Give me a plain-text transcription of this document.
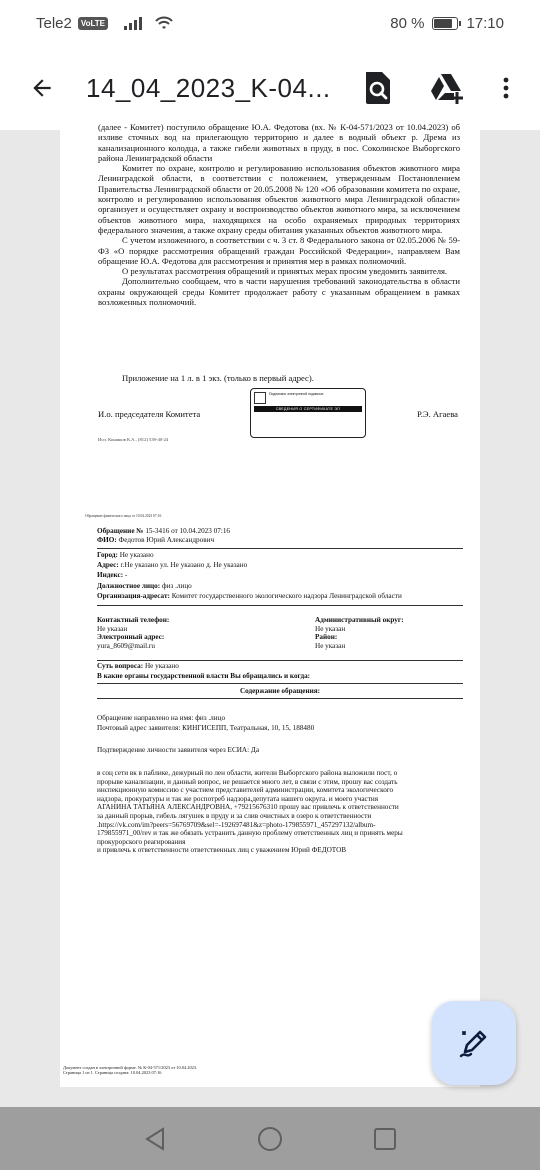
Tele2	VoLTE	80 %	17:10
14_04_2023_K-04...

(далее - Комитет) поступило обращение Ю.А. Федотова (вх. № К-04-571/2023 от 10.04.2023) об изливе сточных вод на прилегающую территорию и далее в водный объект р. Дрема из канализационного колодца, а также гибели животных в пруду, в пос. Соколинское Выборгского района Ленинградской области

Комитет по охране, контролю и регулированию использования объектов животного мира Ленинградской области, в соответствии с положением, утвержденным Постановлением Правительства Ленинградской области от 20.05.2008 № 120 «Об образовании комитета по охране, контролю и регулированию использования объектов животного мира Ленинградской области» организует и осуществляет охрану и воспроизводство объектов животного мира, за исключением объектов животного мира, находящихся на особо охраняемых природных территориях федерального значения, а также охрану среды обитания указанных объектов животного мира.

С учетом изложенного, в соответствии с ч. 3 ст. 8 Федерального закона от 02.05.2006 № 59-ФЗ «О порядке рассмотрения обращений граждан Российской Федерации», направляем Вам обращение Ю.А. Федотова для рассмотрения и принятия мер в рамках полномочий.

О результатах рассмотрения обращений и принятых мерах просим уведомить заявителя.

Дополнительно сообщаем, что в части нарушения требований законодательства в области охраны окружающей среды Комитет продолжает работу с указанным обращением в рамках возложенных полномочий.

Приложение на 1 л. в 1 экз. (только в первый адрес).
Подписано электронной подписью
СВЕДЕНИЯ О СЕРТИФИКАТЕ ЭП
И.о. председателя Комитета	Р.Э. Агаева
Исп. Коняшов К.А., (812) 539-40-24
Обращение физического лица от 10.04.2023 07:16
Обращение № 15-3416 от 10.04.2023 07:16
ФИО: Федотов Юрий Александрович
Город: Не указано
Адрес: г.Не указано ул. Не указано д. Не указано
Индекс: -
Должностное лицо: физ .лицо
Организация-адресат: Комитет государственного экологического надзора Ленинградской области
Контактный телефон:
Не указан
Электронный адрес:
yura_8609@mail.ru
Административный округ:
Не указан
Район:
Не указан
Суть вопроса: Не указано
В какие органы государственной власти Вы обращались и когда:
Содержание обращения:
Обращение направлено на имя: физ .лицо
Почтовый адрес заявителя: КИНГИСЕПП, Театральная, 10, 15, 188480
Подтверждение личности заявителя через ЕСИА: Да
в соц сети вк в паблике, дежурный по лен области, жители Выборгского района выложили пост, о
прорыве канализации, и данный вопрос, не решается много лет, в связи с этим, прошу вас создать
инспекционную комиссию с участием представителей администрации, комитета экологического
надзора, прокуратуры и так же роспотреб надзора,депутата нашего округа. и моего участия
АГАНИНА ТАТЬЯНА АЛЕКСАНДРОВНА, +79215676310 прошу вас привлечь к ответственности
за данный прорыв, гибель лягушек в пруду и за слив очистных в озеро к ответственности
.https://vk.com/im?peers=56769709&sel=-192697481&z=photo-179855971_457297132/album-
179855971_00/rev и так же обязать устранить данную проблему ответственных лиц и принять меры
прокурорского реагирования
и привлечь к ответственности ответственных лиц с уважением Юрий ФЕДОТОВ
Документ создан в электронной форме. № К-04-571/2023 от 10.04.2023.
Страница 1 из 1. Страница создана: 10.04.2023 07:16
